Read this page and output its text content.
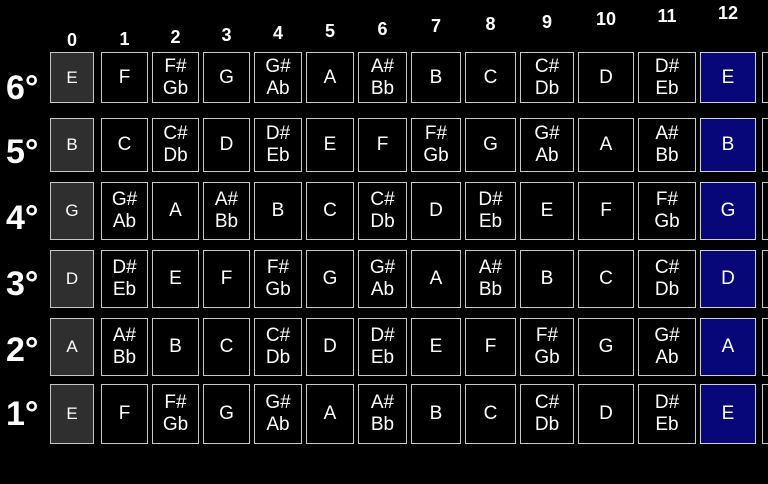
0 1 2 3 4 5 6 7 8	9 10 11 12
6° E F
F#
Gb
G
G#
Ab
A
A#
Bb
B C
C#
Db
D
D#
Eb
E
5° B C
C#
Db
D
D#
Eb
E F
F#
Gb
G
G#
Ab
A
A#
Bb
B
4° G
G#
Ab
A
A#
Bb
B C
C#
Db
D
D#
Eb
E F
F#
Gb
G
3° D
D#
Eb
E F
F#
Gb
G
G#
Ab
A
A#
Bb
B C
C#
Db
D
2° A
A#
Bb
B C
C#
Db
D
D#
Eb
E F
F#
Gb
G
G#
Ab
A
1° E F
F#
Gb
G
G#
Ab
A
A#
Bb
B C
C#
Db
D
D#
Eb
E
